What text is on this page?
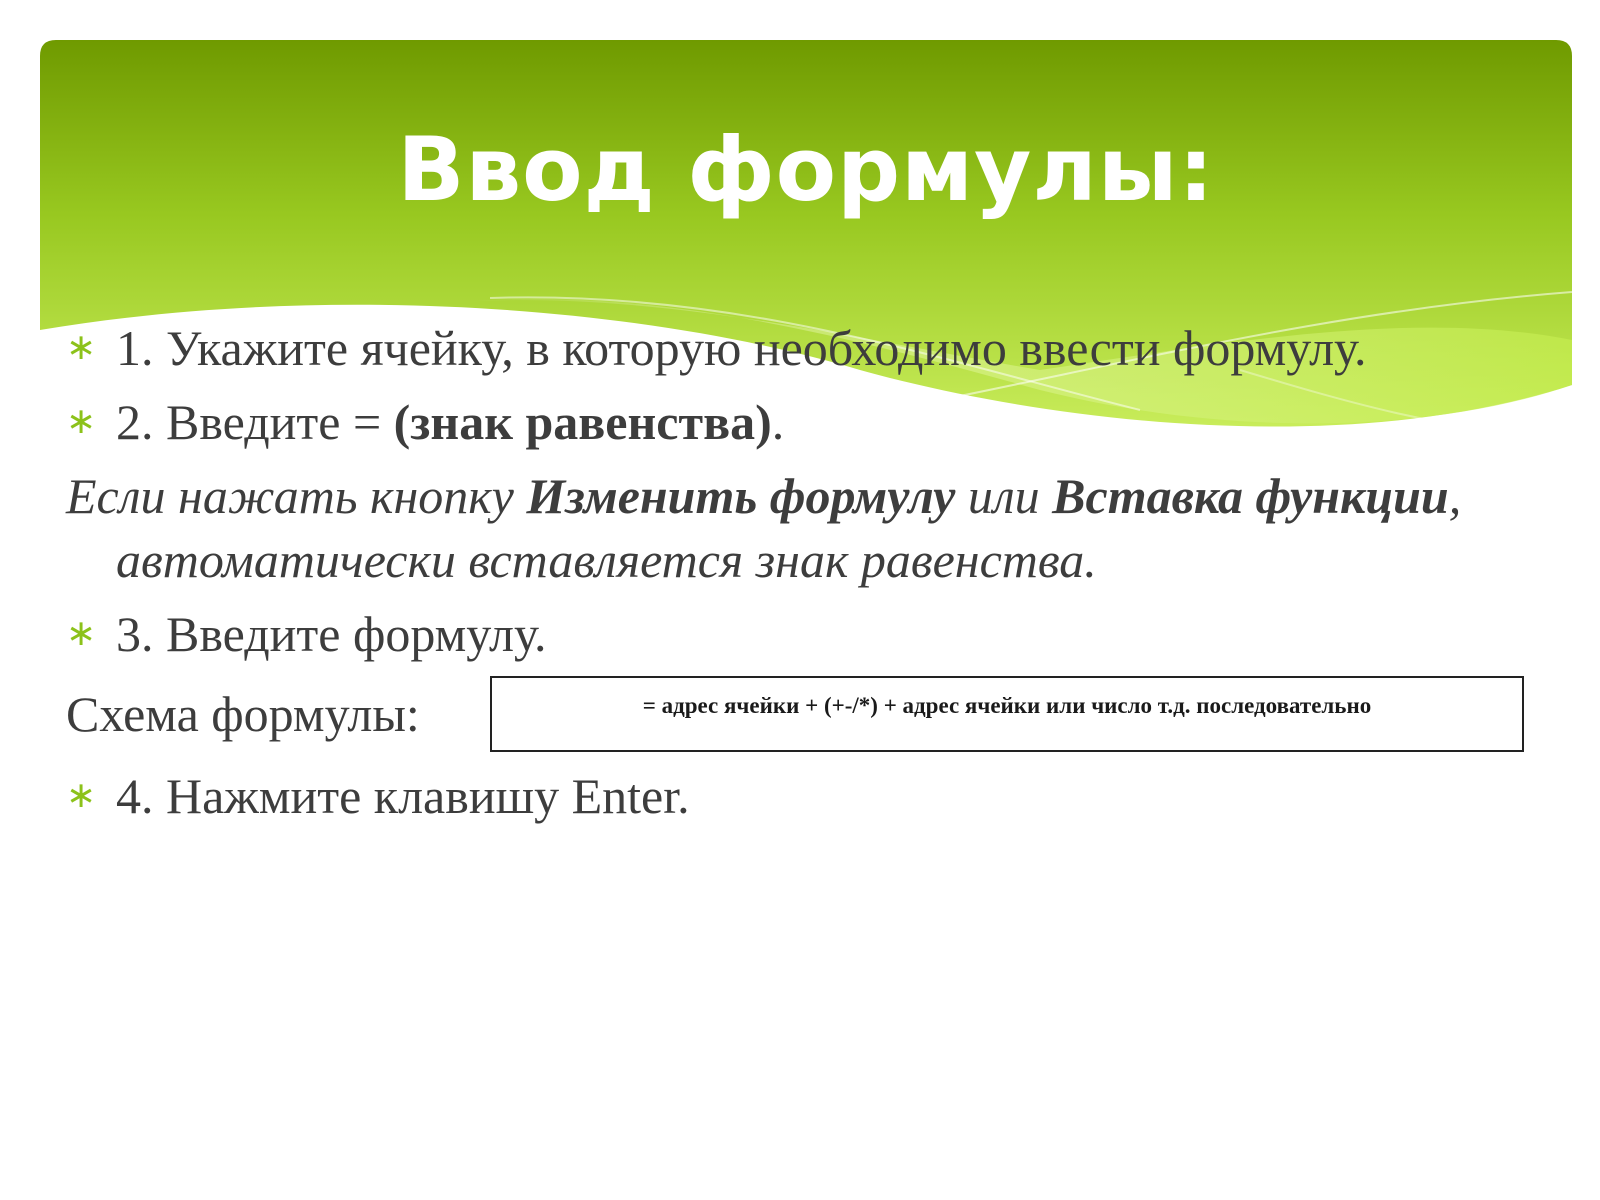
Ввод формулы:
∗ 1. Укажите ячейку, в которую необходимо ввести формулу.
∗ 2. Введите = (знак равенства).
Если нажать кнопку Изменить формулу или Вставка функции, автоматически вставляется знак равенства.
∗ 3. Введите формулу.
Схема формулы:	= адрес ячейки + (+-/*) + адрес ячейки или число т.д. последовательно
∗ 4. Нажмите клавишу Enter.
